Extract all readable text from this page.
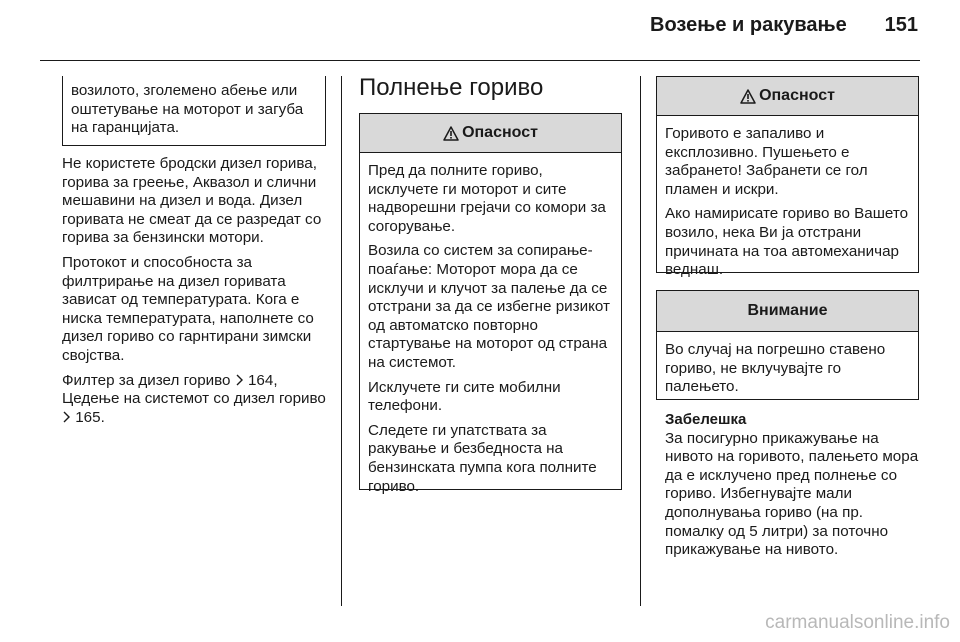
Возење и ракување	151
возилото, зголемено абење или оштетување на моторот и загуба на гаранцијата.

Не користете бродски дизел горива, горива за греење, Аквазол и слични мешавини на дизел и вода. Дизел горивата не смеат да се разредат со горива за бензински мотори.

Протокот и способноста за филтрирање на дизел горивата зависат од температурата. Кога е ниска температурата, наполнете со дизел гориво со гарнтирани зимски својства.

Филтер за дизел гориво 164, Цедење на системот со дизел гориво  165.

Полнење гориво
Опасност

Пред да полните гориво, исклучете ги моторот и сите надворешни грејачи со комори за согорување.

Возила со систем за сопирање-поаѓање: Моторот мора да се исклучи и клучот за палење да се отстрани за да се избегне ризикот од автоматско повторно стартување на моторот од страна на системот.

Исклучете ги сите мобилни телефони.

Следете ги упатствата за ракување и безбедноста на бензинската пумпа кога полните гориво.

Опасност

Горивото е запаливо и експлозивно. Пушењето е забрането! Забранети се гол пламен и искри.

Ако намирисате гориво во Вашето возило, нека Ви ја отстрани причината на тоа автомеханичар веднаш.

Внимание

Во случај на погрешно ставено гориво, не вклучувајте го палењето.

Забелешка
За посигурно прикажување на нивото на горивото, палењето мора да е исклучено пред полнење со гориво. Избегнувајте мали дополнувања гориво (на пр. помалку од 5 литри) за поточно прикажување на нивото.
carmanualsonline.info
